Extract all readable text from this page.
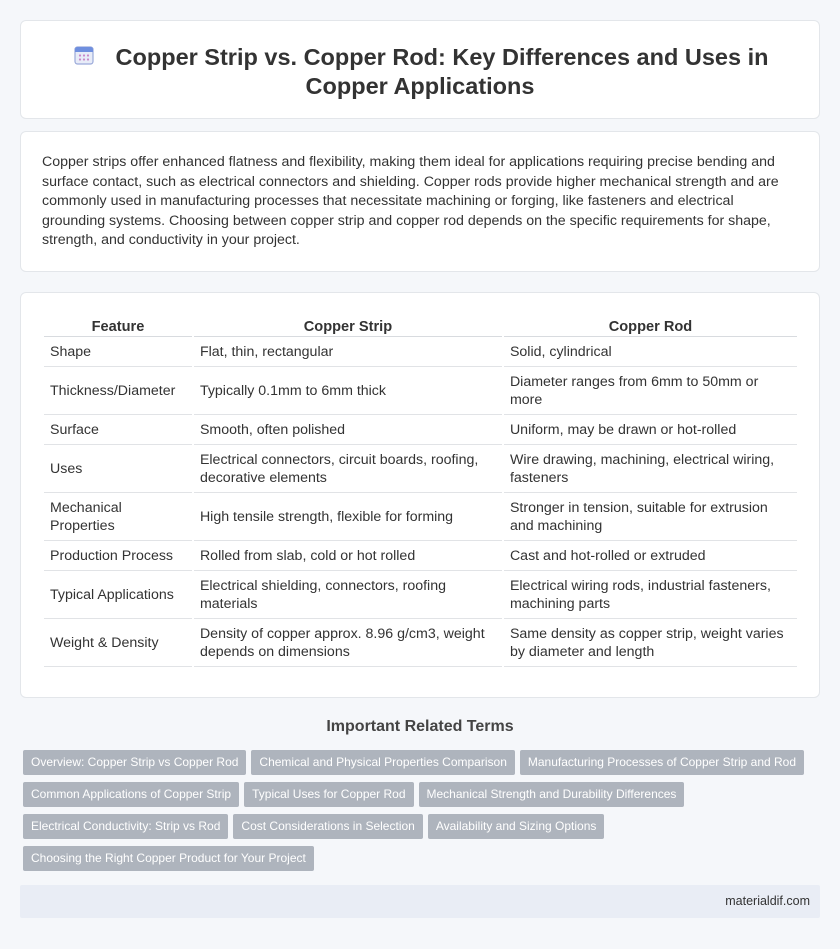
Copper Strip vs. Copper Rod: Key Differences and Uses in Copper Applications

Copper strips offer enhanced flatness and flexibility, making them ideal for applications requiring precise bending and surface contact, such as electrical connectors and shielding. Copper rods provide higher mechanical strength and are commonly used in manufacturing processes that necessitate machining or forging, like fasteners and electrical grounding systems. Choosing between copper strip and copper rod depends on the specific requirements for shape, strength, and conductivity in your project.

Feature	Copper Strip	Copper Rod
Shape	Flat, thin, rectangular	Solid, cylindrical
Thickness/Diameter	Typically 0.1mm to 6mm thick	Diameter ranges from 6mm to 50mm or more
Surface	Smooth, often polished	Uniform, may be drawn or hot-rolled
Uses	Electrical connectors, circuit boards, roofing, decorative elements	Wire drawing, machining, electrical wiring, fasteners
Mechanical Properties	High tensile strength, flexible for forming	Stronger in tension, suitable for extrusion and machining
Production Process	Rolled from slab, cold or hot rolled	Cast and hot-rolled or extruded
Typical Applications	Electrical shielding, connectors, roofing materials	Electrical wiring rods, industrial fasteners, machining parts
Weight & Density	Density of copper approx. 8.96 g/cm3, weight depends on dimensions	Same density as copper strip, weight varies by diameter and length
Important Related Terms
Overview: Copper Strip vs Copper Rod Chemical and Physical Properties Comparison Manufacturing Processes of Copper Strip and Rod
Common Applications of Copper Strip Typical Uses for Copper Rod Mechanical Strength and Durability Differences
Electrical Conductivity: Strip vs Rod Cost Considerations in Selection Availability and Sizing Options
Choosing the Right Copper Product for Your Project
materialdif.com
